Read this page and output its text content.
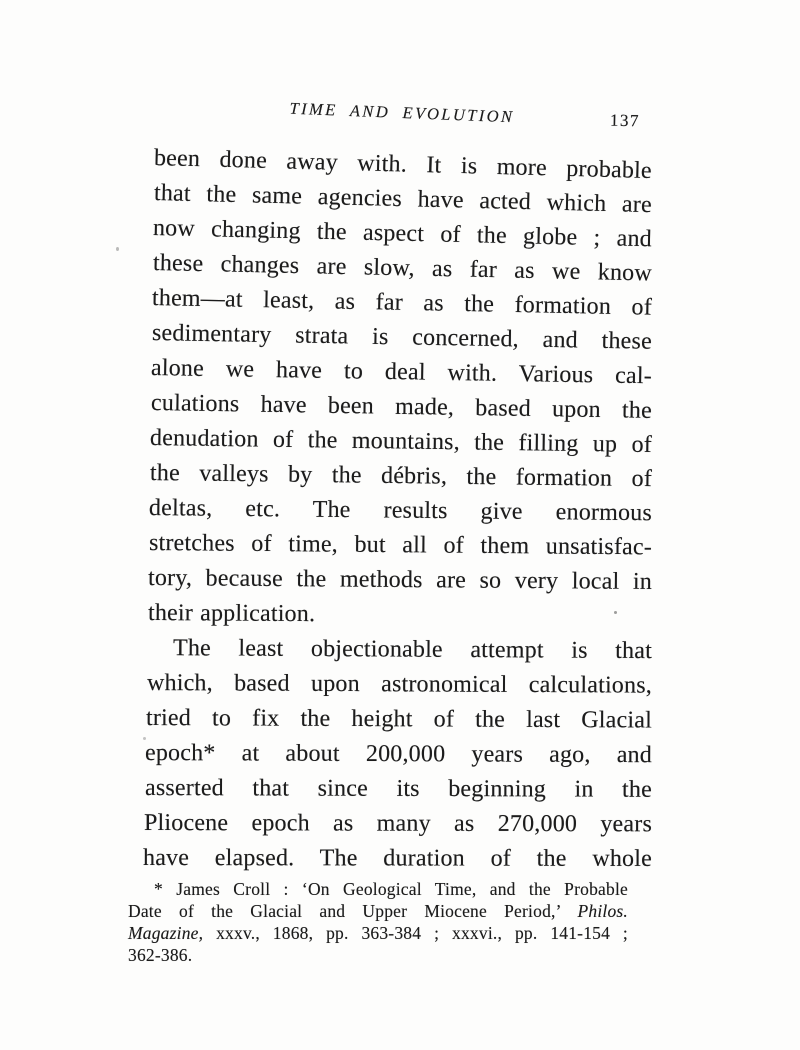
TIME AND EVOLUTION	137
been done away with. It is more probable
that the same agencies have acted which are
now changing the aspect of the globe ; and
these changes are slow, as far as we know
them—at least, as far as the formation of
sedimentary strata is concerned, and these
alone we have to deal with. Various cal-
culations have been made, based upon the
denudation of the mountains, the filling up of
the valleys by the débris, the formation of
deltas, etc. The results give enormous
stretches of time, but all of them unsatisfac-
tory, because the methods are so very local in
their application.
The least objectionable attempt is that
which, based upon astronomical calculations,
tried to fix the height of the last Glacial
epoch* at about 200,000 years ago, and
asserted that since its beginning in the
Pliocene epoch as many as 270,000 years
have elapsed. The duration of the whole
* James Croll : ‘On Geological Time, and the Probable
Date of the Glacial and Upper Miocene Period,’ Philos.
Magazine, xxxv., 1868, pp. 363-384 ; xxxvi., pp. 141-154 ;
362-386.
